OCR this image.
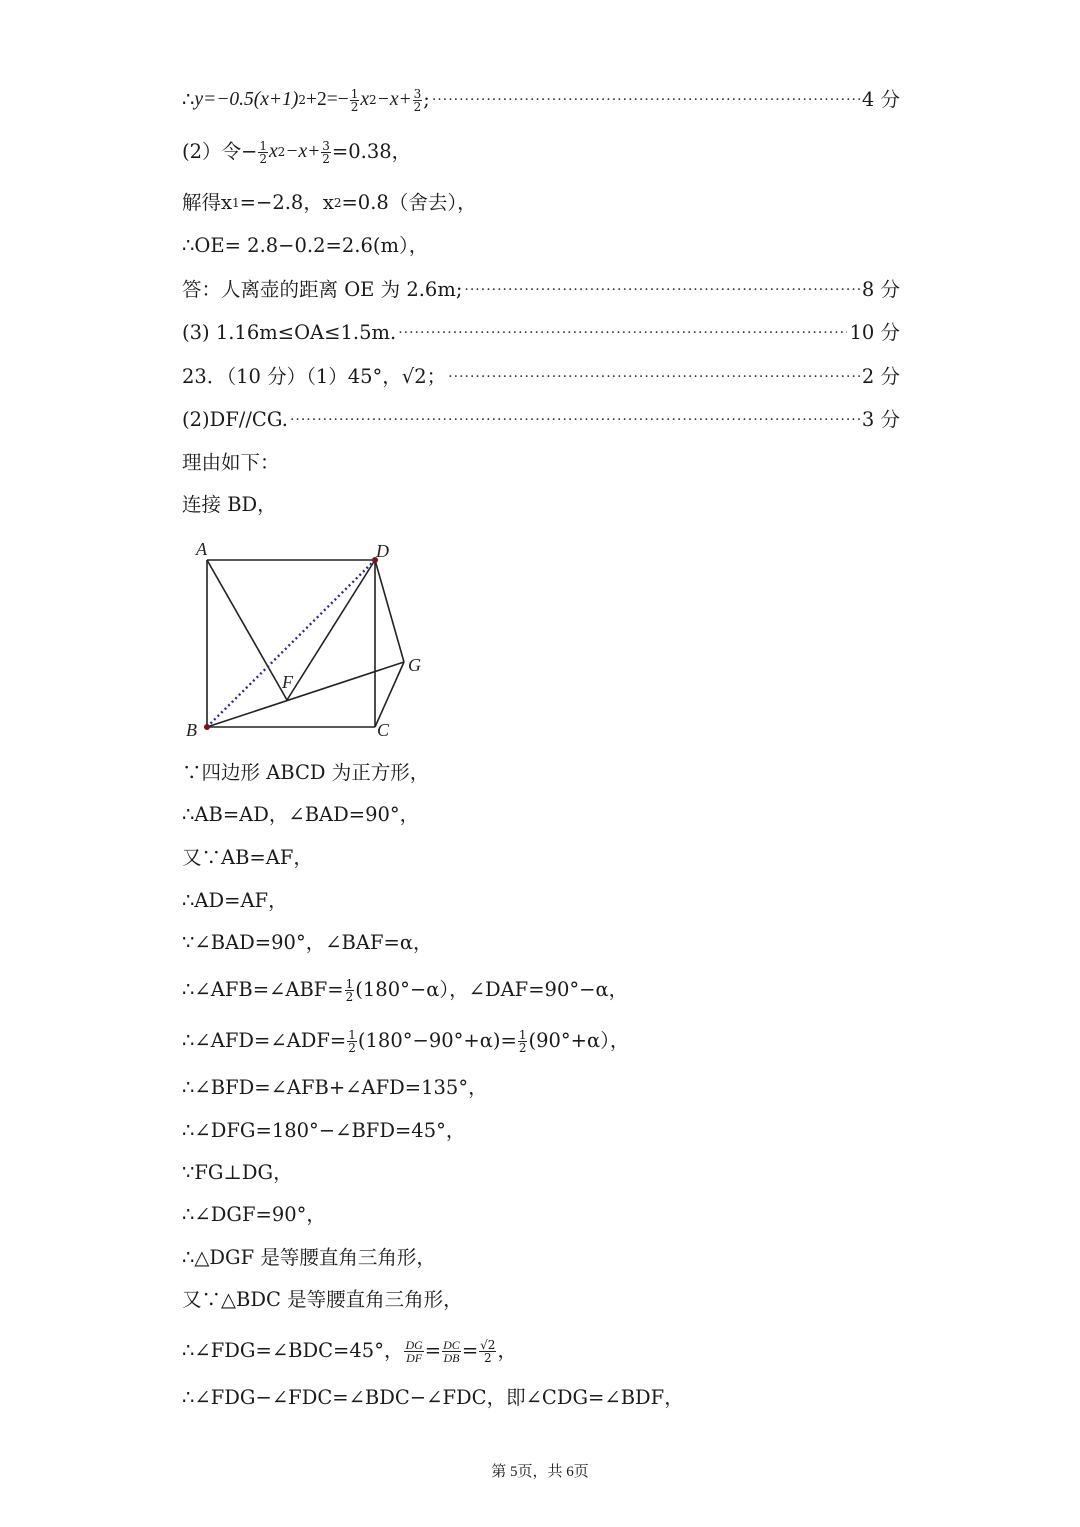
∴ y=−0.5(x+1) $2 +2=- \frac{1}{2}$ x $2 -x+ \frac{3}{2}$ ; ·····	4 分
(2）令− $\frac{1}{2}$ x $2 -x+ \frac{3}{2} =0.38$，
解得x 1 =−2.8，x 2 =0.8（舍去），
∴OE= 2.8−0.2=2.6(m），
答：人离壶的距离 OE 为 2.6m; ·····	8 分
(3) 1.16m≤OA≤1.5m. ·····	10 分
23．（10 分）（1）45°， √2 ； ·····	2 分
(2)DF//CG. ·····	3 分
理由如下：
连接 BD，
A	D
G
F
B	C
∵四边形 ABCD 为正方形，
∴AB=AD，∠BAD=90°，
又∵AB=AF，
∴AD=AF，
∵∠BAD=90°，∠BAF=α，
∴∠AFB=∠ABF= $\frac{1}{2} (180^\circ-\alpha)$，∠DAF=90°−α，
∴∠AFD=∠ADF= $\frac{1}{2} (180^\circ-90^\circ+\alpha)= \frac{1}{2} (90^\circ+\alpha)$，
∴∠BFD=∠AFB+∠AFD=135°，
∴∠DFG=180°−∠BFD=45°，
∵FG⊥DG，
∴∠DGF=90°，
∴△DGF 是等腰直角三角形，
又∵△BDC 是等腰直角三角形，
∴∠FDG=∠BDC=45°， $\frac{DG}{DF} = \frac{DC}{DB} = \frac{√2}{2}$ ，
∴∠FDG−∠FDC=∠BDC−∠FDC，即∠CDG=∠BDF，
第 5页，共 6页
